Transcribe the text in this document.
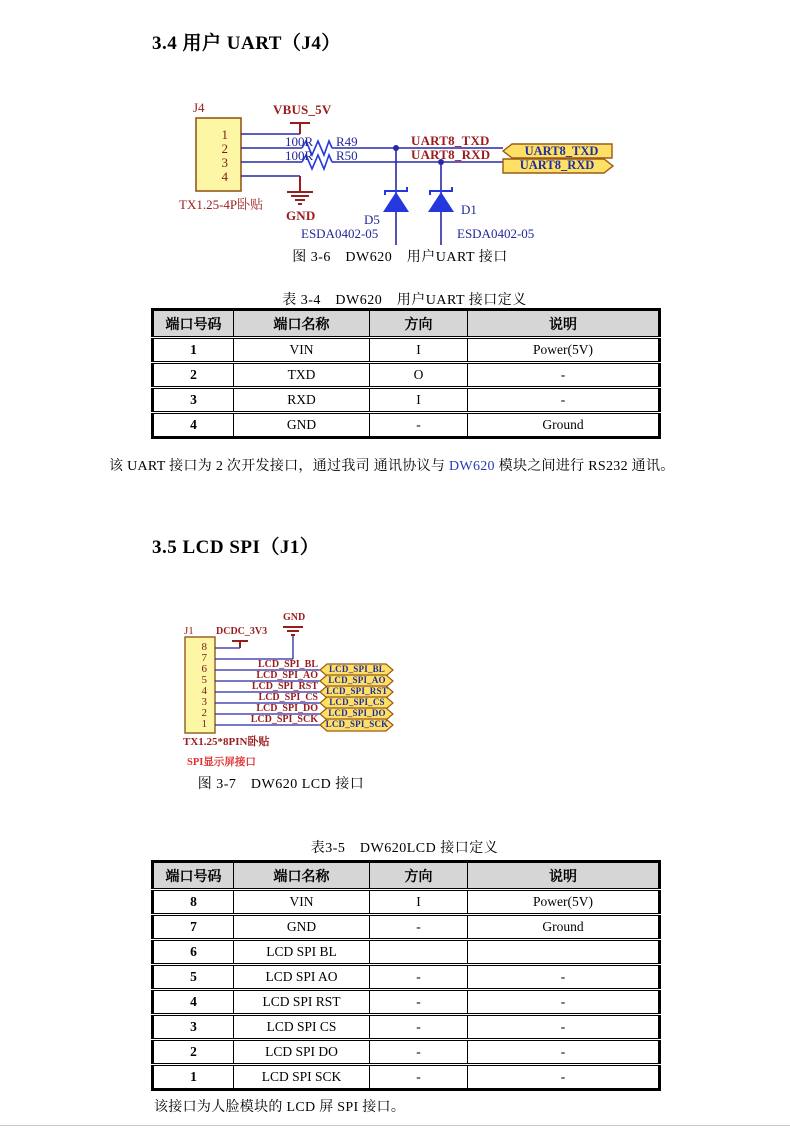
3.4 用户 UART（J4）
J4	VBUS_5V
1
2
3
4
100R R49
100R R50
UART8_TXD
UART8_RXD	UART8_TXD
UART8_RXD
GND
TX1.25-4P卧贴
D5
D1
ESDA0402-05	ESDA0402-05
图 3-6　DW620　用户UART 接口
表 3-4　DW620　用户UART 接口定义
端口号码	端口名称	方向	说明
1	VIN	I	Power(5V)
2	TXD	O	-
3	RXD	I	-
4	GND	-	Ground
该 UART 接口为 2 次开发接口，通过我司 通讯协议与 DW620 模块之间进行 RS232 通讯。
3.5 LCD SPI（J1）
J1 DCDC_3V3
GND
8
7
6
5
4
3
2
1
LCD_SPI_BL
LCD_SPI_AO
LCD_SPI_RST
LCD_SPI_CS
LCD_SPI_DO
LCD_SPI_SCK
LCD_SPI_BL
LCD_SPI_AO
LCD_SPI_RST
LCD_SPI_CS
LCD_SPI_DO
LCD_SPI_SCK
TX1.25*8PIN卧贴
SPI显示屏接口
图 3-7　DW620 LCD 接口
表3-5　DW620LCD 接口定义
端口号码	端口名称	方向	说明
8	VIN	I	Power(5V)
7	GND	-	Ground
6	LCD SPI BL		
5	LCD SPI AO	-	-
4	LCD SPI RST	-	-
3	LCD SPI CS	-	-
2	LCD SPI DO	-	-
1	LCD SPI SCK	-	-
该接口为人脸模块的 LCD 屏 SPI 接口。
